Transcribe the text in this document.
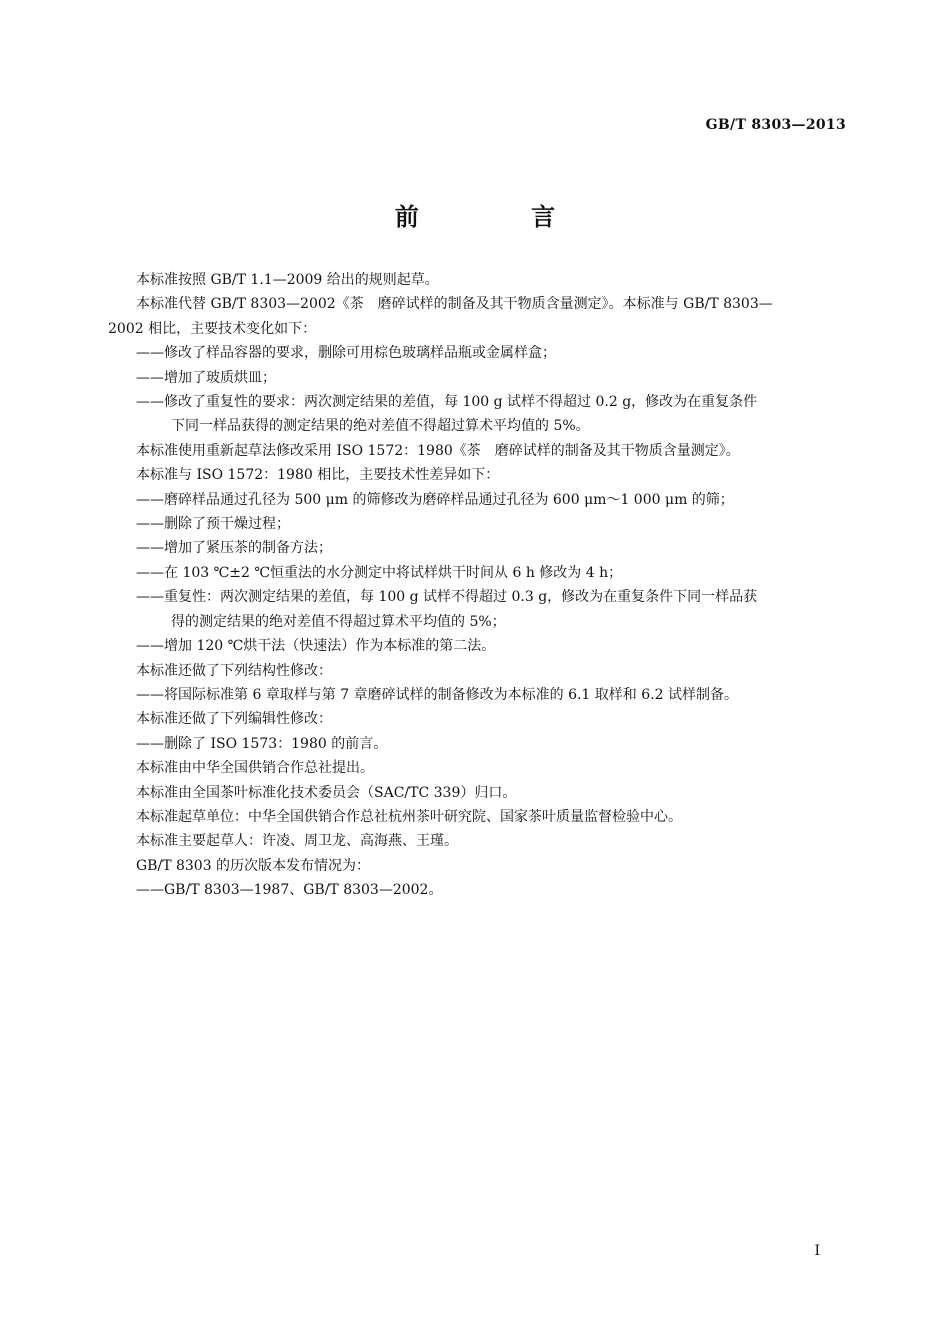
GB/T 8303—2013
前 言
本标准按照 GB/T 1.1—2009 给出的规则起草。
本标准代替 GB/T 8303—2002《茶　磨碎试样的制备及其干物质含量测定》。本标准与 GB/T 8303—
2002 相比，主要技术变化如下：
——修改了样品容器的要求，删除可用棕色玻璃样品瓶或金属样盒；
——增加了玻质烘皿；
——修改了重复性的要求：两次测定结果的差值，每 100 g 试样不得超过 0.2 g，修改为在重复条件
下同一样品获得的测定结果的绝对差值不得超过算术平均值的 5%。
本标准使用重新起草法修改采用 ISO 1572：1980《茶　磨碎试样的制备及其干物质含量测定》。
本标准与 ISO 1572：1980 相比，主要技术性差异如下：
——磨碎样品通过孔径为 500 μm 的筛修改为磨碎样品通过孔径为 600 μm～1 000 μm 的筛；
——删除了预干燥过程；
——增加了紧压茶的制备方法；
——在 103 ℃±2 ℃恒重法的水分测定中将试样烘干时间从 6 h 修改为 4 h；
——重复性：两次测定结果的差值，每 100 g 试样不得超过 0.3 g，修改为在重复条件下同一样品获
得的测定结果的绝对差值不得超过算术平均值的 5%；
——增加 120 ℃烘干法（快速法）作为本标准的第二法。
本标准还做了下列结构性修改：
——将国际标准第 6 章取样与第 7 章磨碎试样的制备修改为本标准的 6.1 取样和 6.2 试样制备。
本标准还做了下列编辑性修改：
——删除了 ISO 1573：1980 的前言。
本标准由中华全国供销合作总社提出。
本标准由全国茶叶标准化技术委员会（SAC/TC 339）归口。
本标准起草单位：中华全国供销合作总社杭州茶叶研究院、国家茶叶质量监督检验中心。
本标准主要起草人：许凌、周卫龙、高海燕、王瑾。
GB/T 8303 的历次版本发布情况为：
——GB/T 8303—1987、GB/T 8303—2002。
I
